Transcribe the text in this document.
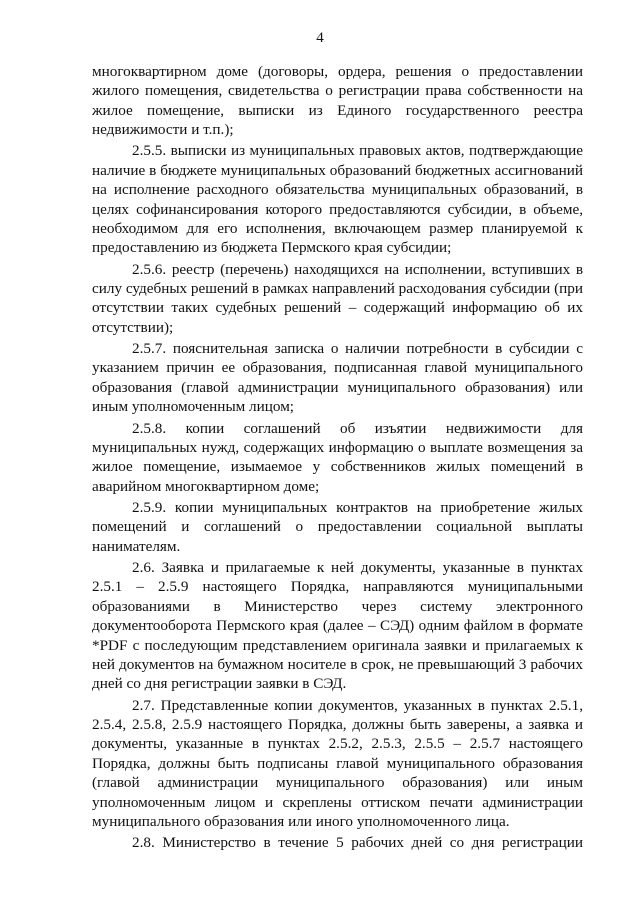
4

многоквартирном доме (договоры, ордера, решения о предоставлении жилого помещения, свидетельства о регистрации права собственности на жилое помещение, выписки из Единого государственного реестра недвижимости и т.п.);

2.5.5. выписки из муниципальных правовых актов, подтверждающие наличие в бюджете муниципальных образований бюджетных ассигнований на исполнение расходного обязательства муниципальных образований, в целях софинансирования которого предоставляются субсидии, в объеме, необходимом для его исполнения, включающем размер планируемой к предоставлению из бюджета Пермского края субсидии;

2.5.6. реестр (перечень) находящихся на исполнении, вступивших в силу судебных решений в рамках направлений расходования субсидии (при отсутствии таких судебных решений – содержащий информацию об их отсутствии);

2.5.7. пояснительная записка о наличии потребности в субсидии с указанием причин ее образования, подписанная главой муниципального образования (главой администрации муниципального образования) или иным уполномоченным лицом;

2.5.8. копии соглашений об изъятии недвижимости для муниципальных нужд, содержащих информацию о выплате возмещения за жилое помещение, изымаемое у собственников жилых помещений в аварийном многоквартирном доме;

2.5.9. копии муниципальных контрактов на приобретение жилых помещений и соглашений о предоставлении социальной выплаты нанимателям.

2.6. Заявка и прилагаемые к ней документы, указанные в пунктах 2.5.1 – 2.5.9 настоящего Порядка, направляются муниципальными образованиями в Министерство через систему электронного документооборота Пермского края (далее – СЭД) одним файлом в формате *PDF с последующим представлением оригинала заявки и прилагаемых к ней документов на бумажном носителе в срок, не превышающий 3 рабочих дней со дня регистрации заявки в СЭД.

2.7. Представленные копии документов, указанных в пунктах 2.5.1, 2.5.4, 2.5.8, 2.5.9 настоящего Порядка, должны быть заверены, а заявка и документы, указанные в пунктах 2.5.2, 2.5.3, 2.5.5 – 2.5.7 настоящего Порядка, должны быть подписаны главой муниципального образования (главой администрации муниципального образования) или иным уполномоченным лицом и скреплены оттиском печати администрации муниципального образования или иного уполномоченного лица.

2.8. Министерство в течение 5 рабочих дней со дня регистрации
